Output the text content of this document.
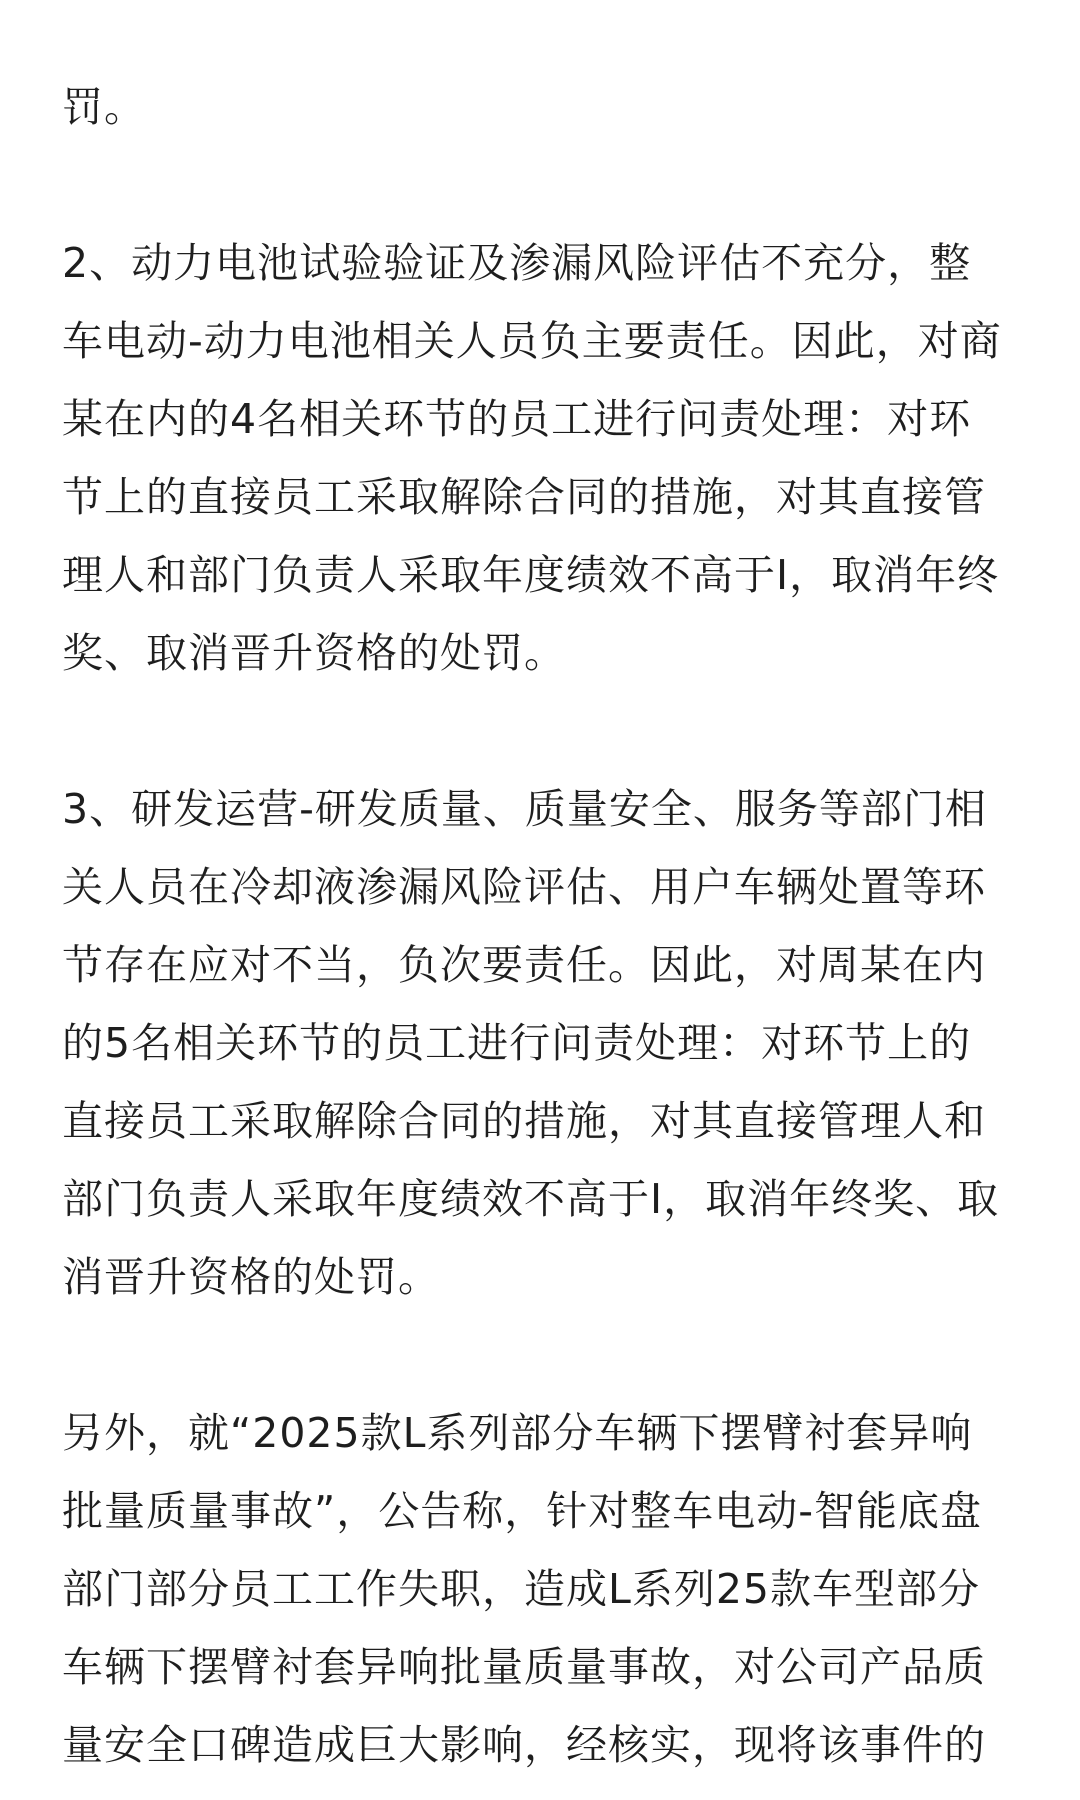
罚。
2、动力电池试验验证及渗漏风险评估不充分，整
车电动-动力电池相关人员负主要责任。因此，对商
某在内的4名相关环节的员工进行问责处理：对环
节上的直接员工采取解除合同的措施，对其直接管
理人和部门负责人采取年度绩效不高于I，取消年终
奖、取消晋升资格的处罚。
3、研发运营-研发质量、质量安全、服务等部门相
关人员在冷却液渗漏风险评估、用户车辆处置等环
节存在应对不当，负次要责任。因此，对周某在内
的5名相关环节的员工进行问责处理：对环节上的
直接员工采取解除合同的措施，对其直接管理人和
部门负责人采取年度绩效不高于I，取消年终奖、取
消晋升资格的处罚。
另外，就“2025款L系列部分车辆下摆臂衬套异响
批量质量事故”，公告称，针对整车电动-智能底盘
部门部分员工工作失职，造成L系列25款车型部分
车辆下摆臂衬套异响批量质量事故，对公司产品质
量安全口碑造成巨大影响，经核实，现将该事件的
